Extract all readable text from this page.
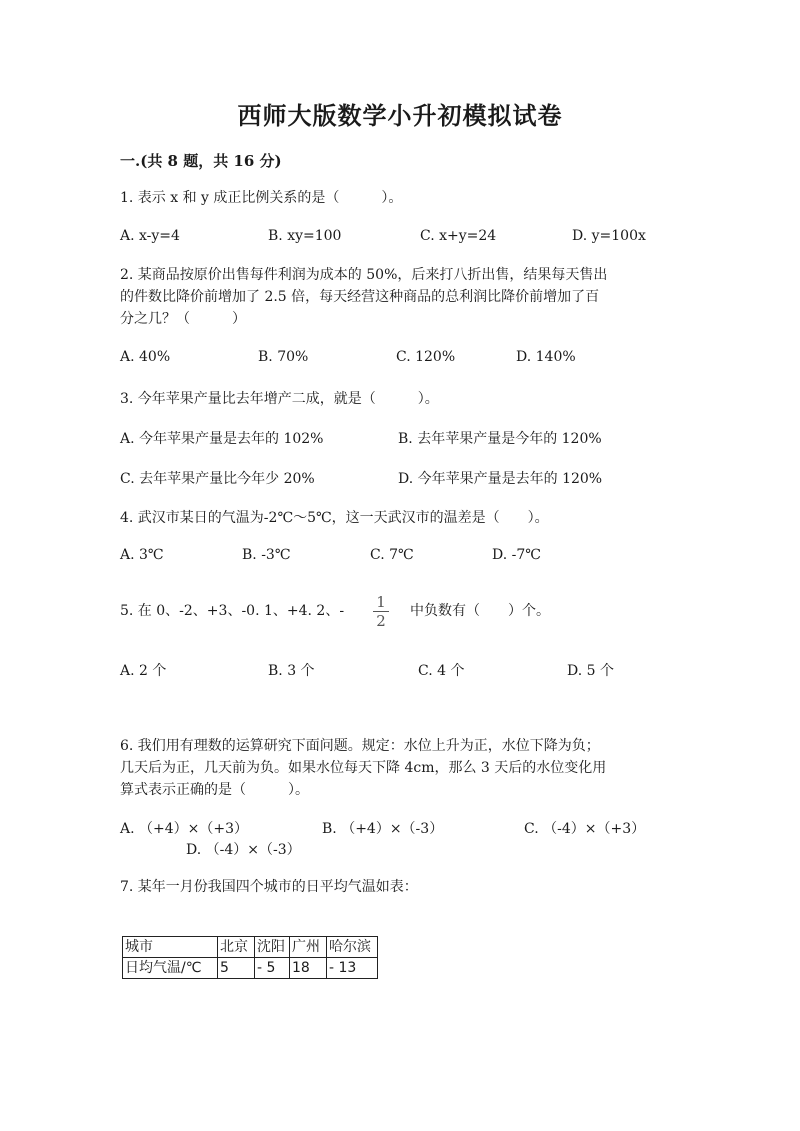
西师大版数学小升初模拟试卷
一.(共 8 题，共 16 分)
1. 表示 x 和 y 成正比例关系的是（　　　）。
A. x-y=4	B. xy=100	C. x+y=24	D. y=100x
2. 某商品按原价出售每件利润为成本的 50%，后来打八折出售，结果每天售出
的件数比降价前增加了 2.5 倍，每天经营这种商品的总利润比降价前增加了百
分之几？（　　　）
A. 40%	B. 70%	C. 120%	D. 140%
3. 今年苹果产量比去年增产二成，就是（　　　）。
A. 今年苹果产量是去年的 102%	B. 去年苹果产量是今年的 120%
C. 去年苹果产量比今年少 20%	D. 今年苹果产量是去年的 120%
4. 武汉市某日的气温为-2℃～5℃，这一天武汉市的温差是（　　）。
A. 3℃	B. -3℃	C. 7℃	D. -7℃
5. 在 0、-2、+3、-0. 1、+4. 2、- 1
2
中负数有（　　）个。
A. 2 个	B. 3 个	C. 4 个	D. 5 个
6. 我们用有理数的运算研究下面问题。规定：水位上升为正，水位下降为负；
几天后为正，几天前为负。如果水位每天下降 4cm，那么 3 天后的水位变化用
算式表示正确的是（　　　）。
A. （+4）×（+3）	B. （+4）×（-3）	C. （-4）×（+3）
D. （-4）×（-3）
7. 某年一月份我国四个城市的日平均气温如表：
城市	北京	沈阳	广州	哈尔滨
日均气温/℃	5	- 5	18	- 13
